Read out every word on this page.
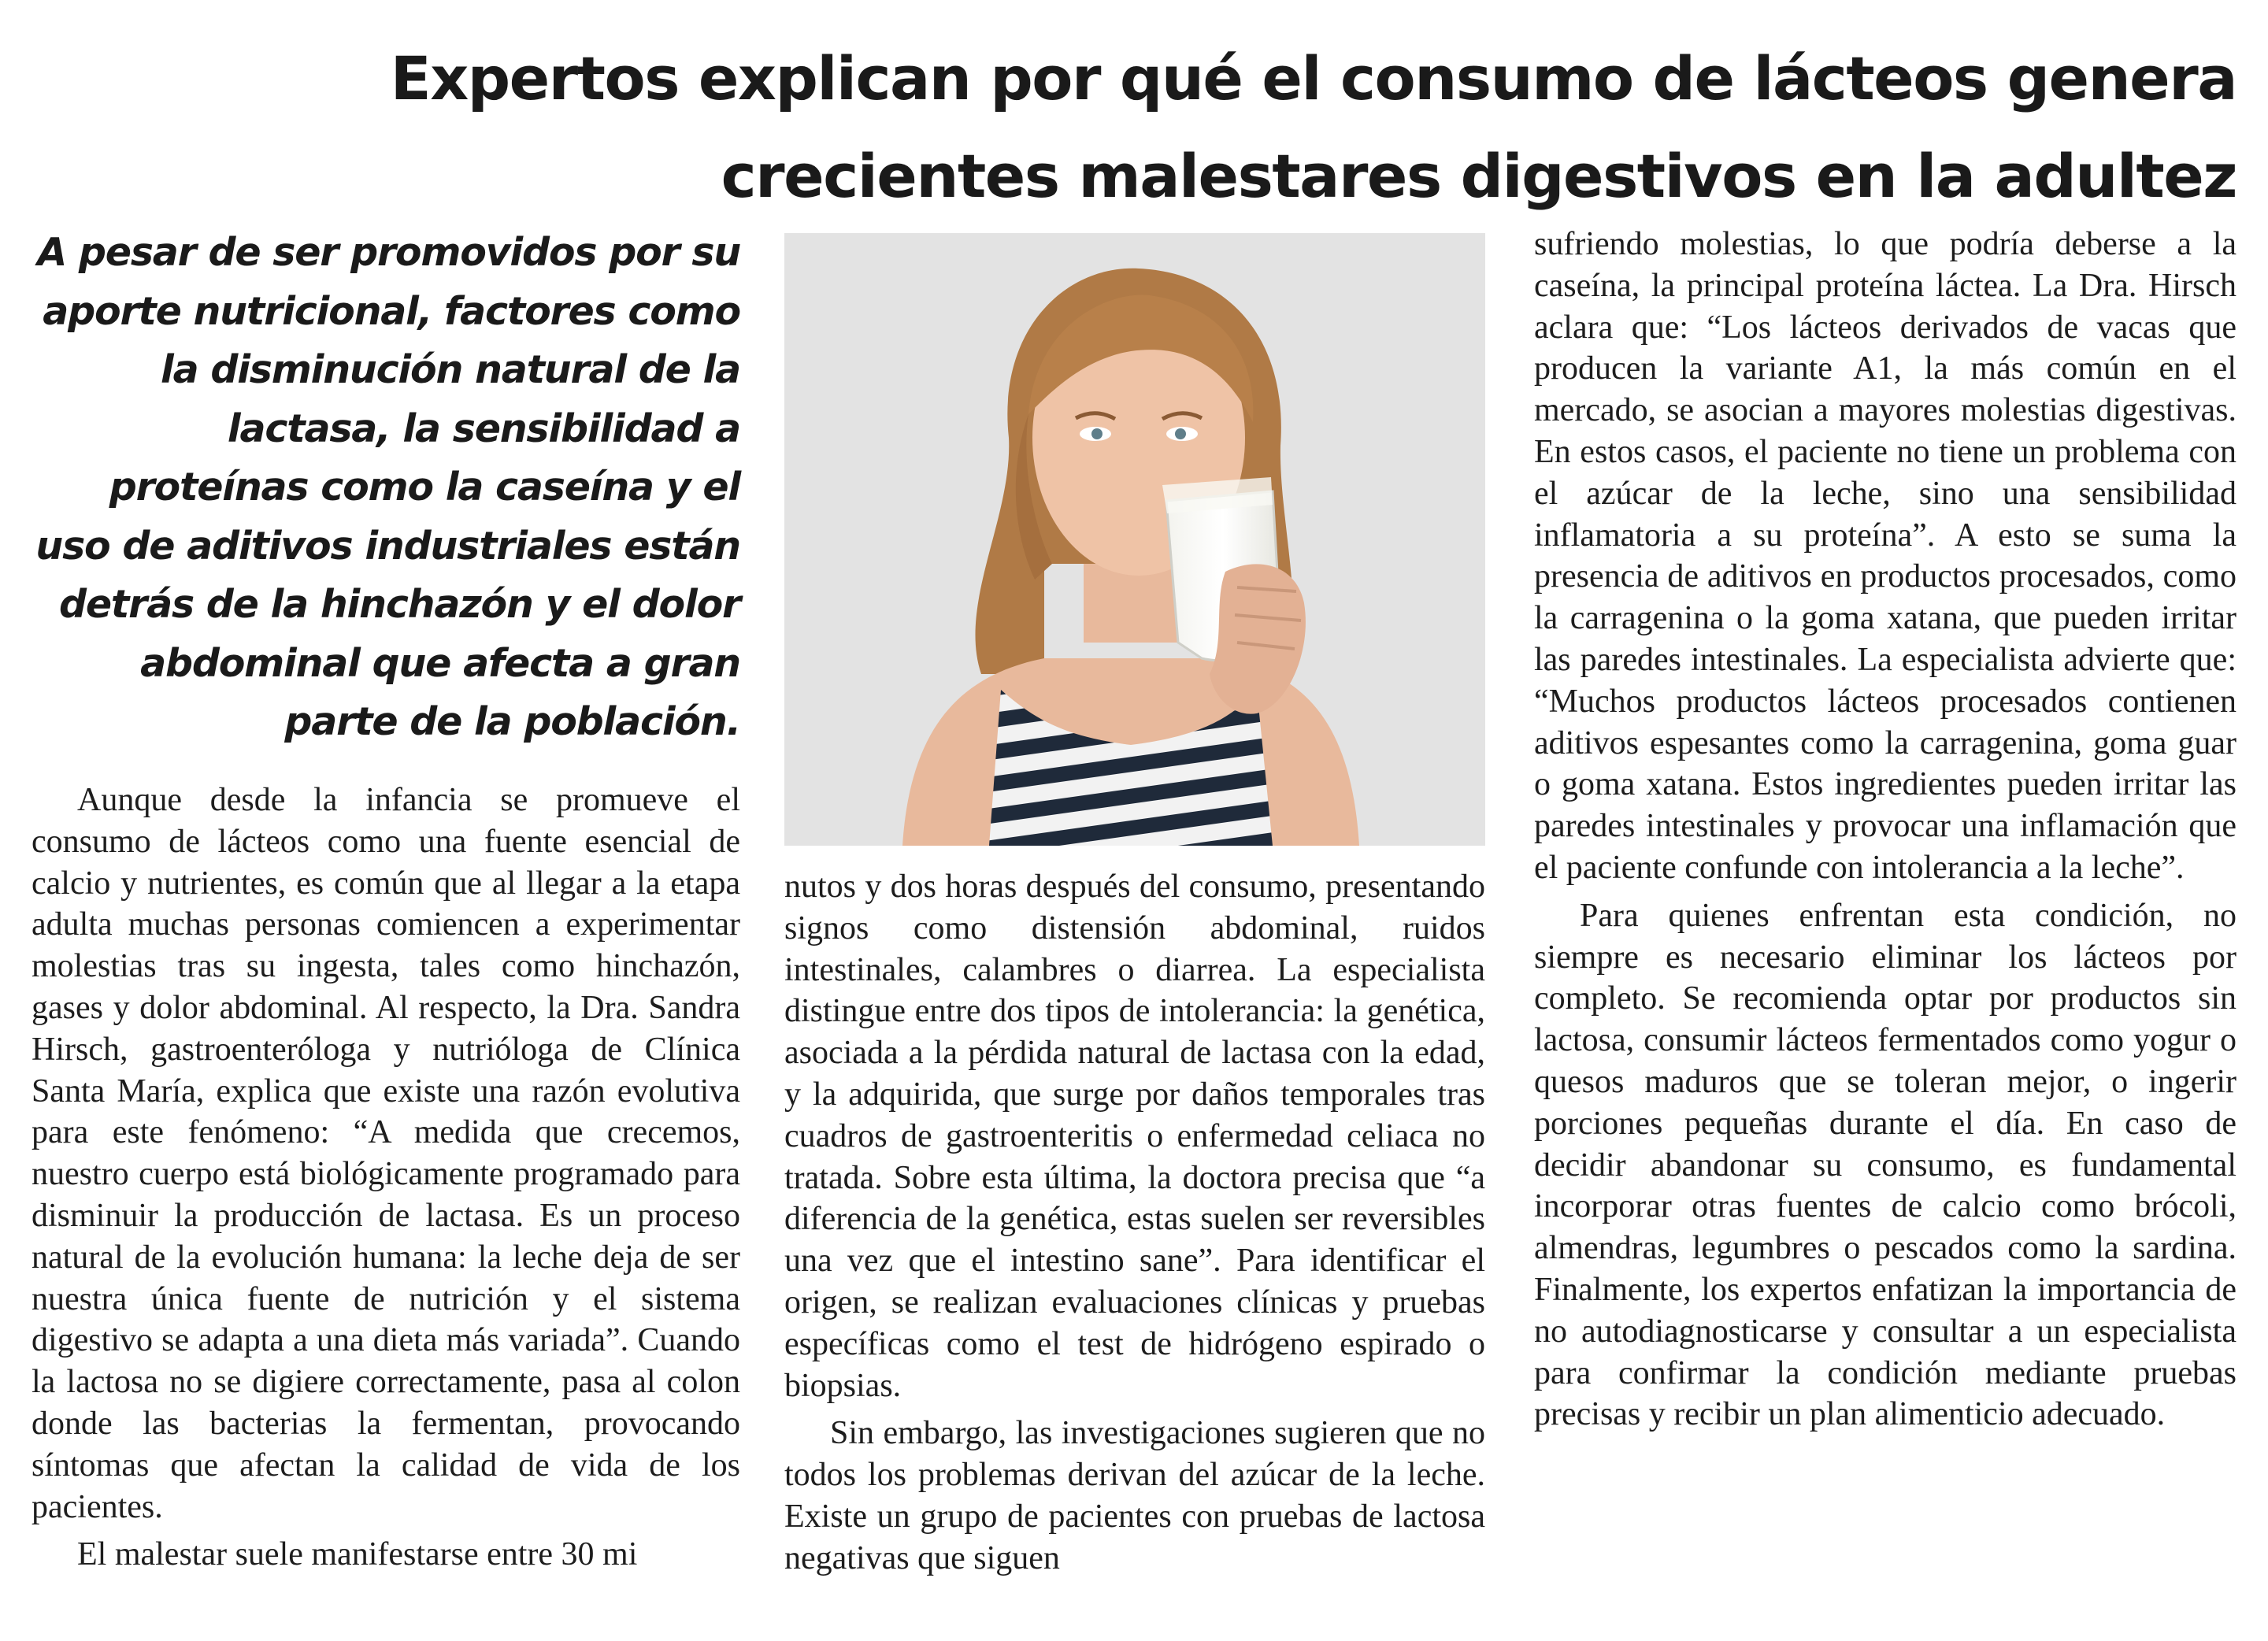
Expertos explican por qué el consumo de lácteos genera crecientes malestares digestivos en la adultez

A pesar de ser promovidos por su aporte nutricional, factores como la disminución natural de la lactasa, la sensibilidad a proteínas como la caseína y el uso de aditivos industriales están detrás de la hinchazón y el dolor abdominal que afecta a gran parte de la población.

Aunque desde la infancia se promueve el consumo de lácteos como una fuente esencial de calcio y nutrientes, es común que al llegar a la etapa adulta muchas personas comiencen a experimentar molestias tras su ingesta, tales como hinchazón, gases y dolor abdominal. Al respecto, la Dra. Sandra Hirsch, gastroenteróloga y nutrióloga de Clínica Santa María, explica que existe una razón evolutiva para este fenómeno: “A medida que crecemos, nuestro cuerpo está biológicamente programado para disminuir la producción de lactasa. Es un proceso natural de la evolución humana: la leche deja de ser nuestra única fuente de nutrición y el sistema digestivo se adapta a una dieta más variada”. Cuando la lactosa no se digiere correctamente, pasa al colon donde las bacterias la fermentan, provocando síntomas que afectan la calidad de vida de los pacientes.

El malestar suele manifestarse entre 30 mi

nutos y dos horas después del consumo, presentando signos como distensión abdominal, ruidos intestinales, calambres o diarrea. La especialista distingue entre dos tipos de intolerancia: la genética, asociada a la pérdida natural de lactasa con la edad, y la adquirida, que surge por daños temporales tras cuadros de gastroenteritis o enfermedad celiaca no tratada. Sobre esta última, la doctora precisa que “a diferencia de la genética, estas suelen ser reversibles una vez que el intestino sane”. Para identificar el origen, se realizan evaluaciones clínicas y pruebas específicas como el test de hidrógeno espirado o biopsias.

Sin embargo, las investigaciones sugieren que no todos los problemas derivan del azúcar de la leche. Existe un grupo de pacientes con pruebas de lactosa negativas que siguen

sufriendo molestias, lo que podría deberse a la caseína, la principal proteína láctea. La Dra. Hirsch aclara que: “Los lácteos derivados de vacas que producen la variante A1, la más común en el mercado, se asocian a mayores molestias digestivas. En estos casos, el paciente no tiene un problema con el azúcar de la leche, sino una sensibilidad inflamatoria a su proteína”. A esto se suma la presencia de aditivos en productos procesados, como la carragenina o la goma xatana, que pueden irritar las paredes intestinales. La especialista advierte que: “Muchos productos lácteos procesados contienen aditivos espesantes como la carragenina, goma guar o goma xatana. Estos ingredientes pueden irritar las paredes intestinales y provocar una inflamación que el paciente confunde con intolerancia a la leche”.

Para quienes enfrentan esta condición, no siempre es necesario eliminar los lácteos por completo. Se recomienda optar por productos sin lactosa, consumir lácteos fermentados como yogur o quesos maduros que se toleran mejor, o ingerir porciones pequeñas durante el día. En caso de decidir abandonar su consumo, es fundamental incorporar otras fuentes de calcio como brócoli, almendras, legumbres o pescados como la sardina. Finalmente, los expertos enfatizan la importancia de no autodiagnosticarse y consultar a un especialista para confirmar la condición mediante pruebas precisas y recibir un plan alimenticio adecuado.
